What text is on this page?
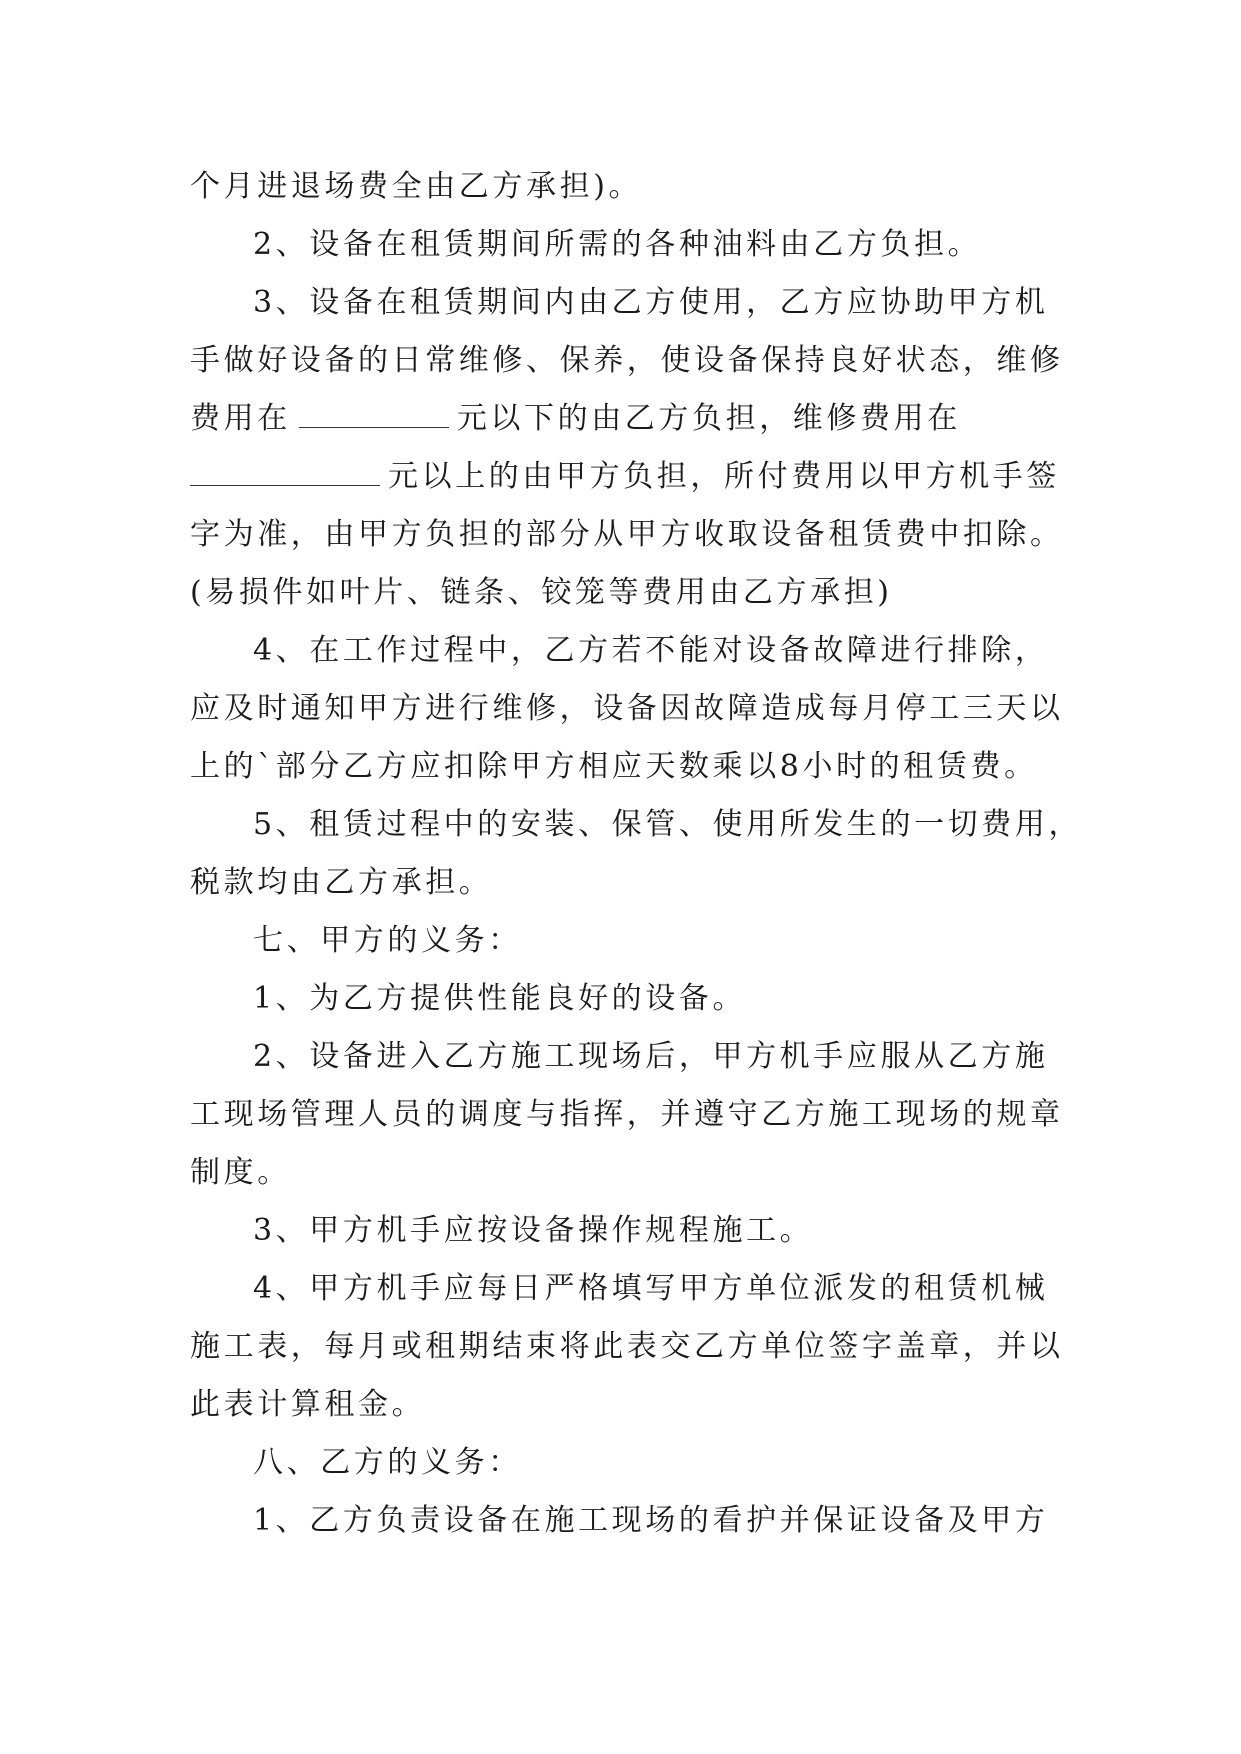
个月进退场费全由乙方承担)。
2、设备在租赁期间所需的各种油料由乙方负担。
3、设备在租赁期间内由乙方使用，乙方应协助甲方机
手做好设备的日常维修、保养，使设备保持良好状态，维修
费用在	元以下的由乙方负担，维修费用在
元以上的由甲方负担，所付费用以甲方机手签
字为准，由甲方负担的部分从甲方收取设备租赁费中扣除。
(易损件如叶片、链条、铰笼等费用由乙方承担)
4、在工作过程中，乙方若不能对设备故障进行排除，
应及时通知甲方进行维修，设备因故障造成每月停工三天以
上的`部分乙方应扣除甲方相应天数乘以8小时的租赁费。
5、租赁过程中的安装、保管、使用所发生的一切费用，
税款均由乙方承担。
七、甲方的义务：
1、为乙方提供性能良好的设备。
2、设备进入乙方施工现场后，甲方机手应服从乙方施
工现场管理人员的调度与指挥，并遵守乙方施工现场的规章
制度。
3、甲方机手应按设备操作规程施工。
4、甲方机手应每日严格填写甲方单位派发的租赁机械
施工表，每月或租期结束将此表交乙方单位签字盖章，并以
此表计算租金。
八、乙方的义务：
1、乙方负责设备在施工现场的看护并保证设备及甲方
